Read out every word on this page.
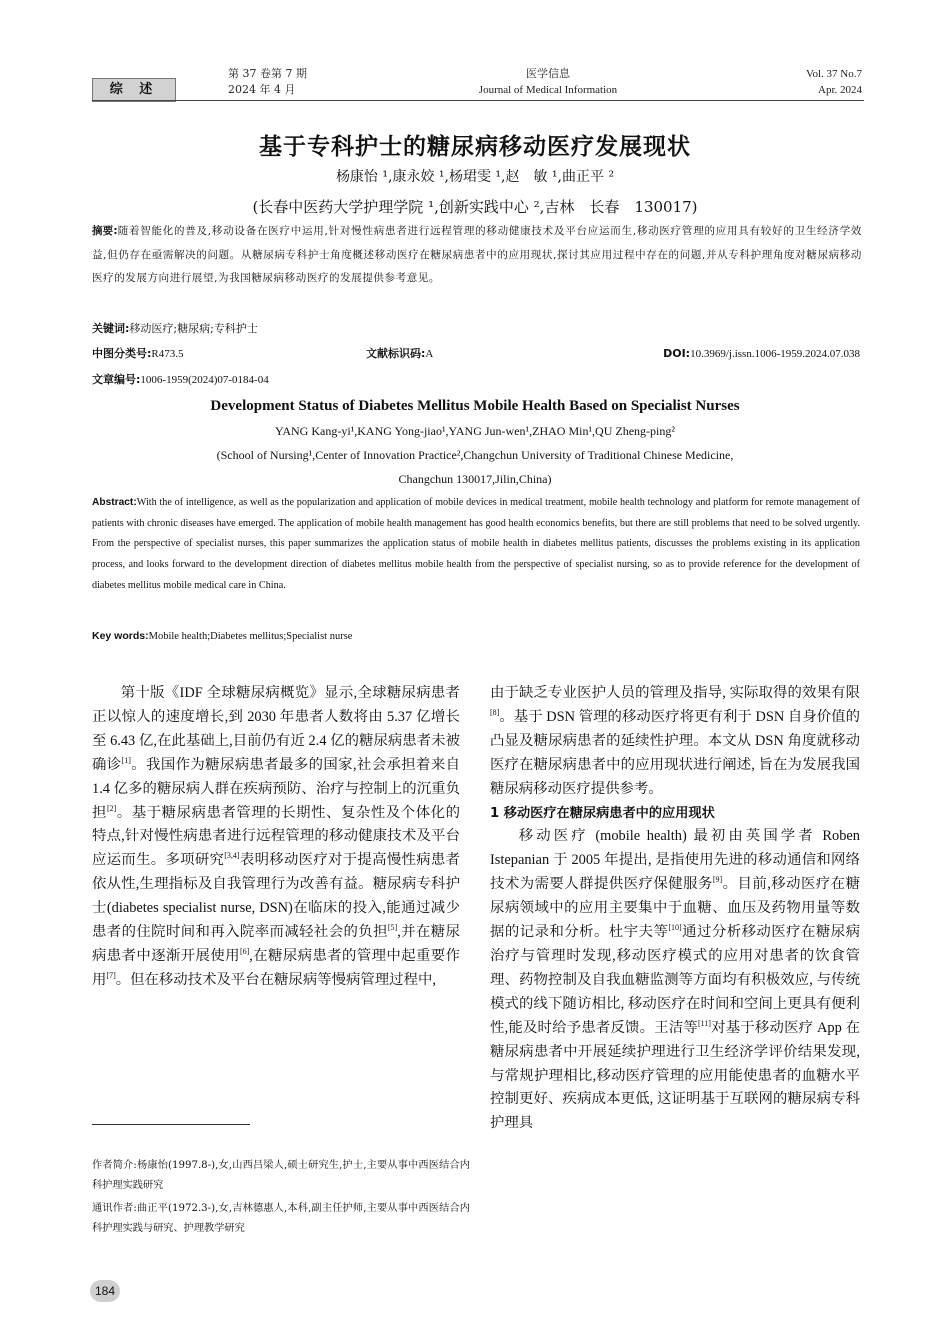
综 述
第 37 卷第 7 期
2024 年 4 月
医学信息
Journal of Medical Information
Vol. 37 No.7
Apr. 2024
基于专科护士的糖尿病移动医疗发展现状
杨康怡 ¹,康永姣 ¹,杨珺雯 ¹,赵　敏 ¹,曲正平 ²
(长春中医药大学护理学院 ¹,创新实践中心 ²,吉林　长春　130017)
摘要:随着智能化的普及,移动设备在医疗中运用,针对慢性病患者进行远程管理的移动健康技术及平台应运而生,移动医疗管理的应用具有较好的卫生经济学效益,但仍存在亟需解决的问题。从糖尿病专科护士角度概述移动医疗在糖尿病患者中的应用现状,探讨其应用过程中存在的问题,并从专科护理角度对糖尿病移动医疗的发展方向进行展望,为我国糖尿病移动医疗的发展提供参考意见。
关键词:移动医疗;糖尿病;专科护士
中图分类号:R473.5	文献标识码:A	DOI:10.3969/j.issn.1006-1959.2024.07.038
文章编号:1006-1959(2024)07-0184-04
Development Status of Diabetes Mellitus Mobile Health Based on Specialist Nurses
YANG Kang-yi¹,KANG Yong-jiao¹,YANG Jun-wen¹,ZHAO Min¹,QU Zheng-ping²
(School of Nursing¹,Center of Innovation Practice²,Changchun University of Traditional Chinese Medicine,
Changchun 130017,Jilin,China)
Abstract:With the of intelligence, as well as the popularization and application of mobile devices in medical treatment, mobile health technology and platform for remote management of patients with chronic diseases have emerged. The application of mobile health management has good health economics benefits, but there are still problems that need to be solved urgently. From the perspective of specialist nurses, this paper summarizes the application status of mobile health in diabetes mellitus patients, discusses the problems existing in its application process, and looks forward to the development direction of diabetes mellitus mobile health from the perspective of specialist nursing, so as to provide reference for the development of diabetes mellitus mobile medical care in China.
Key words:Mobile health;Diabetes mellitus;Specialist nurse
第十版《IDF 全球糖尿病概览》显示,全球糖尿病患者正以惊人的速度增长,到 2030 年患者人数将由 5.37 亿增长至 6.43 亿,在此基础上,目前仍有近 2.4 亿的糖尿病患者未被确诊[1]。我国作为糖尿病患者最多的国家,社会承担着来自 1.4 亿多的糖尿病人群在疾病预防、治疗与控制上的沉重负担[2]。基于糖尿病患者管理的长期性、复杂性及个体化的特点,针对慢性病患者进行远程管理的移动健康技术及平台应运而生。多项研究[3,4]表明移动医疗对于提高慢性病患者依从性,生理指标及自我管理行为改善有益。糖尿病专科护士(diabetes specialist nurse, DSN)在临床的投入,能通过减少患者的住院时间和再入院率而减轻社会的负担[5],并在糖尿病患者中逐渐开展使用[6],在糖尿病患者的管理中起重要作用[7]。但在移动技术及平台在糖尿病等慢病管理过程中,
由于缺乏专业医护人员的管理及指导, 实际取得的效果有限[8]。基于 DSN 管理的移动医疗将更有利于 DSN 自身价值的凸显及糖尿病患者的延续性护理。本文从 DSN 角度就移动医疗在糖尿病患者中的应用现状进行阐述, 旨在为发展我国糖尿病移动医疗提供参考。
1 移动医疗在糖尿病患者中的应用现状
移动医疗 (mobile health) 最初由英国学者 Roben Istepanian 于 2005 年提出, 是指使用先进的移动通信和网络技术为需要人群提供医疗保健服务[9]。目前,移动医疗在糖尿病领域中的应用主要集中于血糖、血压及药物用量等数据的记录和分析。杜宇夫等[10]通过分析移动医疗在糖尿病治疗与管理时发现,移动医疗模式的应用对患者的饮食管理、药物控制及自我血糖监测等方面均有积极效应, 与传统模式的线下随访相比, 移动医疗在时间和空间上更具有便利性,能及时给予患者反馈。王洁等[11]对基于移动医疗 App 在糖尿病患者中开展延续护理进行卫生经济学评价结果发现,与常规护理相比,移动医疗管理的应用能使患者的血糖水平控制更好、疾病成本更低, 这证明基于互联网的糖尿病专科护理具
作者简介:杨康怡(1997.8-),女,山西吕梁人,硕士研究生,护士,主要从事中西医结合内科护理实践研究
通讯作者:曲正平(1972.3-),女,吉林德惠人,本科,副主任护师,主要从事中西医结合内科护理实践与研究、护理教学研究
184
